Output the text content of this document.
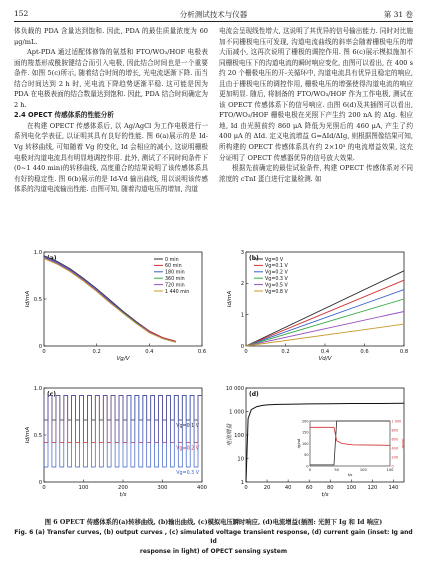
152	分析测试技术与仪器	第 31 卷

体负载的 PDA 含量达到饱和. 因此, PDA 的最佳质量浓度为 60 μg/mL.

Apt-PDA 通过适配体修饰的氨基和 FTO/WO₃/HOF 电极表面的羧基形成酰胺键结合而引入电极, 因此结合时间也是一个重要条件. 如图 5(c)所示, 随着结合时间的增长, 光电流逐渐下降. 而当结合时间达到 2 h 时, 光电流下降趋势逐渐平稳. 这可能是因为 PDA 在电极表面的结合数量达到饱和. 因此, PDA 结合时间确定为 2 h.

2.4 OPECT 传感体系的性能分析

在构建 OPECT 传感体系后, 以 Ag/AgCl 为工作电极进行一系列电化学表征, 以证明其具有良好的性能. 图 6(a)展示的是 Id-Vg 转移曲线, 可知随着 Vg 的变化, Id 会相应的减小, 这说明栅极电极对沟道电流具有明显地调控作用. 此外, 测试了不同时间条件下(0~1 440 min)的转移曲线, 高度重合的结果说明了该传感体系具有好的稳定性. 图 6(b)展示的是 Id-Vd 输出曲线, 用以说明该传感体系的沟道电流输出性能. 由图可知, 随着沟道电压的增加, 沟道

电流会呈现线性增大, 这说明了其优异的信号输出能力. 同时对比施加不同栅极电压可发现, 沟道电流曲线的斜率会随着栅极电压的增大而减小, 这再次说明了栅极的调控作用. 图 6(c)展示模拟施加不同栅极电压下的沟道电流的瞬时响应变化, 由图可以看出, 在 400 s 约 20 个栅极电压的开-关循环中, 沟道电流具有优异且稳定的响应, 且由于栅极电压的调控作用, 栅极电压的增强使得沟道电流的响应更加明显. 随后, 将制备的 FTO/WO₃/HOF 作为工作电极, 测试在该 OPECT 传感体系下的信号响应. 由图 6(d)及其插图可以看出, FTO/WO₃/HOF 栅极电极在光照下产生约 200 nA 的 ΔIg. 相应地, Id 由光照前约 860 μA 降低为光照后的 460 μA, 产生了约 400 μA 的 ΔId. 定义电流增益 G=ΔId/ΔIg, 则根据图像结果可知, 所构建的 OPECT 传感体系具有约 2×10³ 的电流增益效果, 这充分证明了 OPECT 传感器优异的信号放大效果.

根据先前确定的最佳试验条件, 构建 OPECT 传感体系对不同浓度的 cTnI 蛋白进行定量检测. 如

0	0.2	0.4	0.6
0
0.5
1.0
Vg/V
Id/mA
(a)	0 min
60 min
180 min
360 min
720 min
1 440 min
0	0.2	0.4	0.6	0.8
0
1
2
3
Vd/V
Id/mA
(b) Vg=0 V
Vg=0.1 V
Vg=0.2 V
Vg=0.3 V
Vg=0.5 V
Vg=0.8 V
0	100	200	300	400
0
0.5
1.0
t/s
Id/mA
(c)
Vg=0.1 V
Vg=0.2 V
Vg=0.3 V
0	20	40	60	80 100 120 140
1
10
100
1 000
10 000
t/s
电流增益
(d)
0	50	100	150
0
50
100
150
200
0
200
400
600
800
1 000
t/s
Ig/nA	Id/μA
图 6 OPECT 传感体系的(a)转移曲线, (b)输出曲线, (c)模拟电压瞬时响应, (d)电流增益(插图: 光照下 Ig 和 Id 响应)
Fig. 6 (a) Transfer curves, (b) output curves , (c) simulated voltage transient response, (d) current gain (inset: Ig and Id
response in light) of OPECT sensing system
